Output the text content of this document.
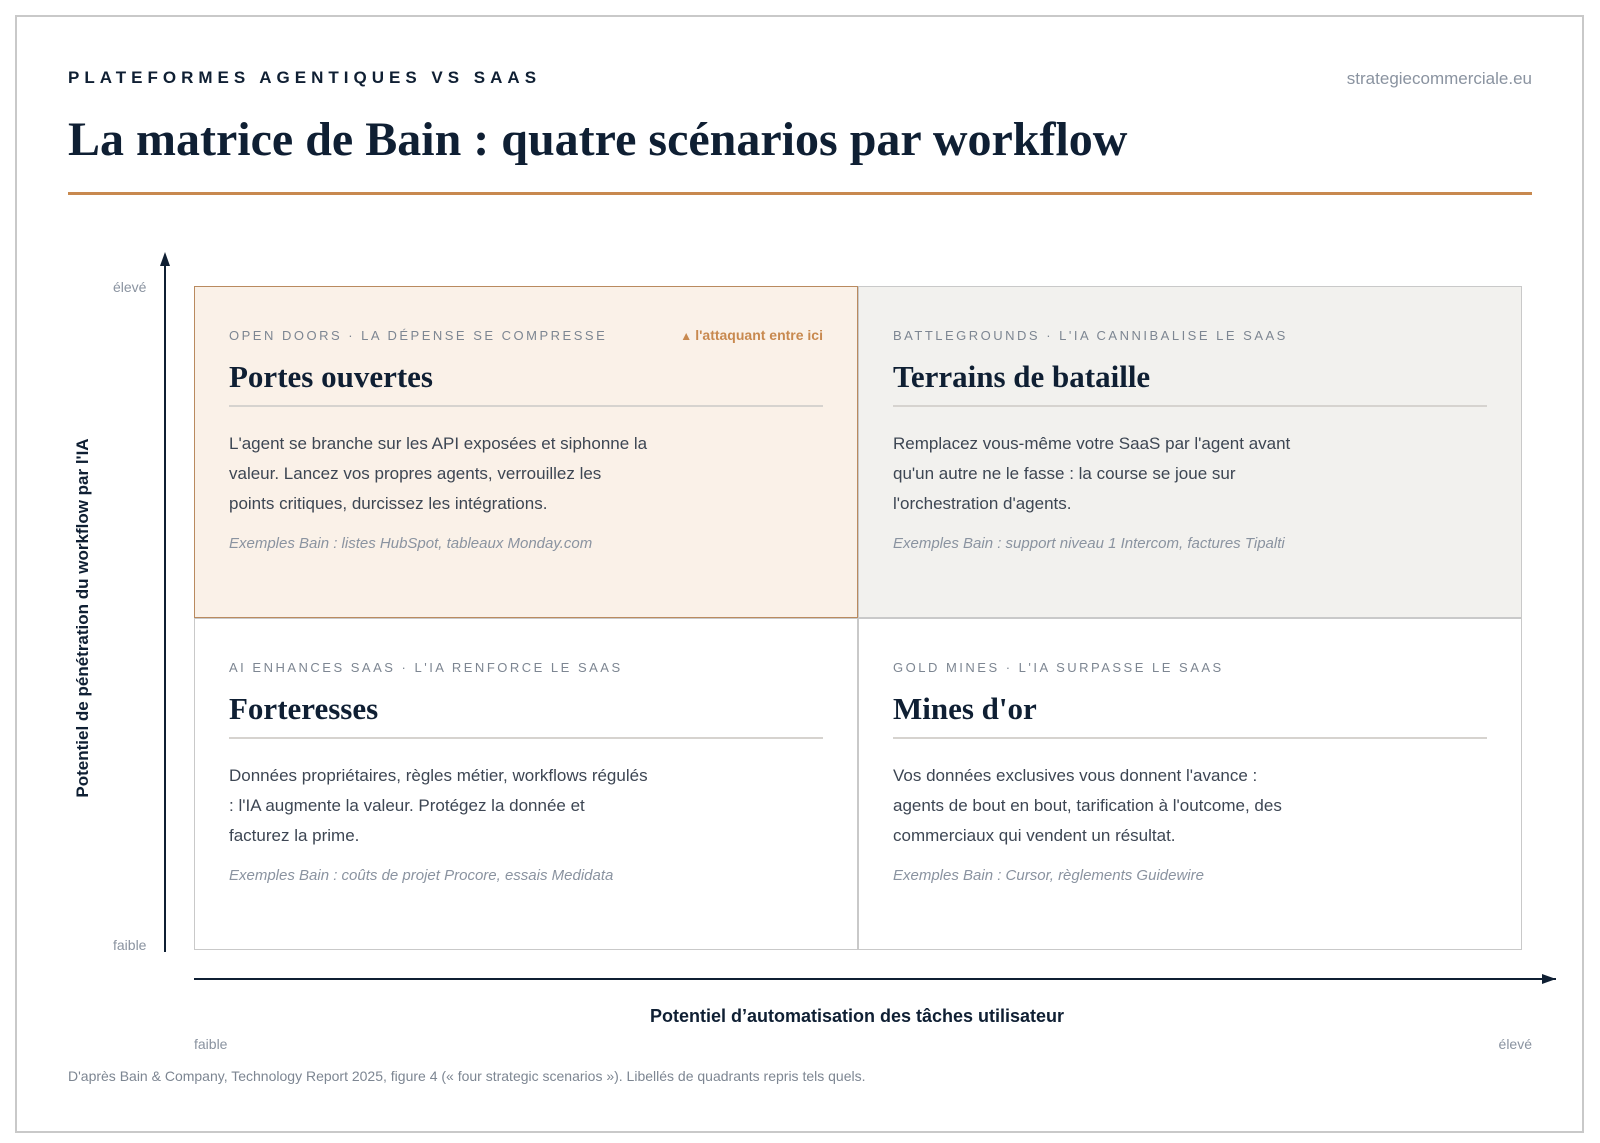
PLATEFORMES AGENTIQUES VS SAAS	strategiecommerciale.eu
La matrice de Bain : quatre scénarios par workflow
Potentiel de pénétration du workflow par l'IA
élevé
faible
Potentiel d’automatisation des tâches utilisateur
faible	élevé
BATTLEGROUNDS · L'IA CANNIBALISE LE SAAS
Terrains de bataille
Remplacez vous-même votre SaaS par l'agent avant qu'un autre ne le fasse : la course se joue sur l'orchestration d'agents.
Exemples Bain : support niveau 1 Intercom, factures Tipalti
AI ENHANCES SAAS · L'IA RENFORCE LE SAAS
Forteresses
Données propriétaires, règles métier, workflows régulés : l'IA augmente la valeur. Protégez la donnée et facturez la prime.
Exemples Bain : coûts de projet Procore, essais Medidata
GOLD MINES · L'IA SURPASSE LE SAAS
Mines d'or
Vos données exclusives vous donnent l'avance : agents de bout en bout, tarification à l'outcome, des commerciaux qui vendent un résultat.
Exemples Bain : Cursor, règlements Guidewire
OPEN DOORS · LA DÉPENSE SE COMPRESSE	▲ l'attaquant entre ici
Portes ouvertes
L'agent se branche sur les API exposées et siphonne la valeur. Lancez vos propres agents, verrouillez les points critiques, durcissez les intégrations.
Exemples Bain : listes HubSpot, tableaux Monday.com
D'après Bain & Company, Technology Report 2025, figure 4 (« four strategic scenarios »). Libellés de quadrants repris tels quels.
